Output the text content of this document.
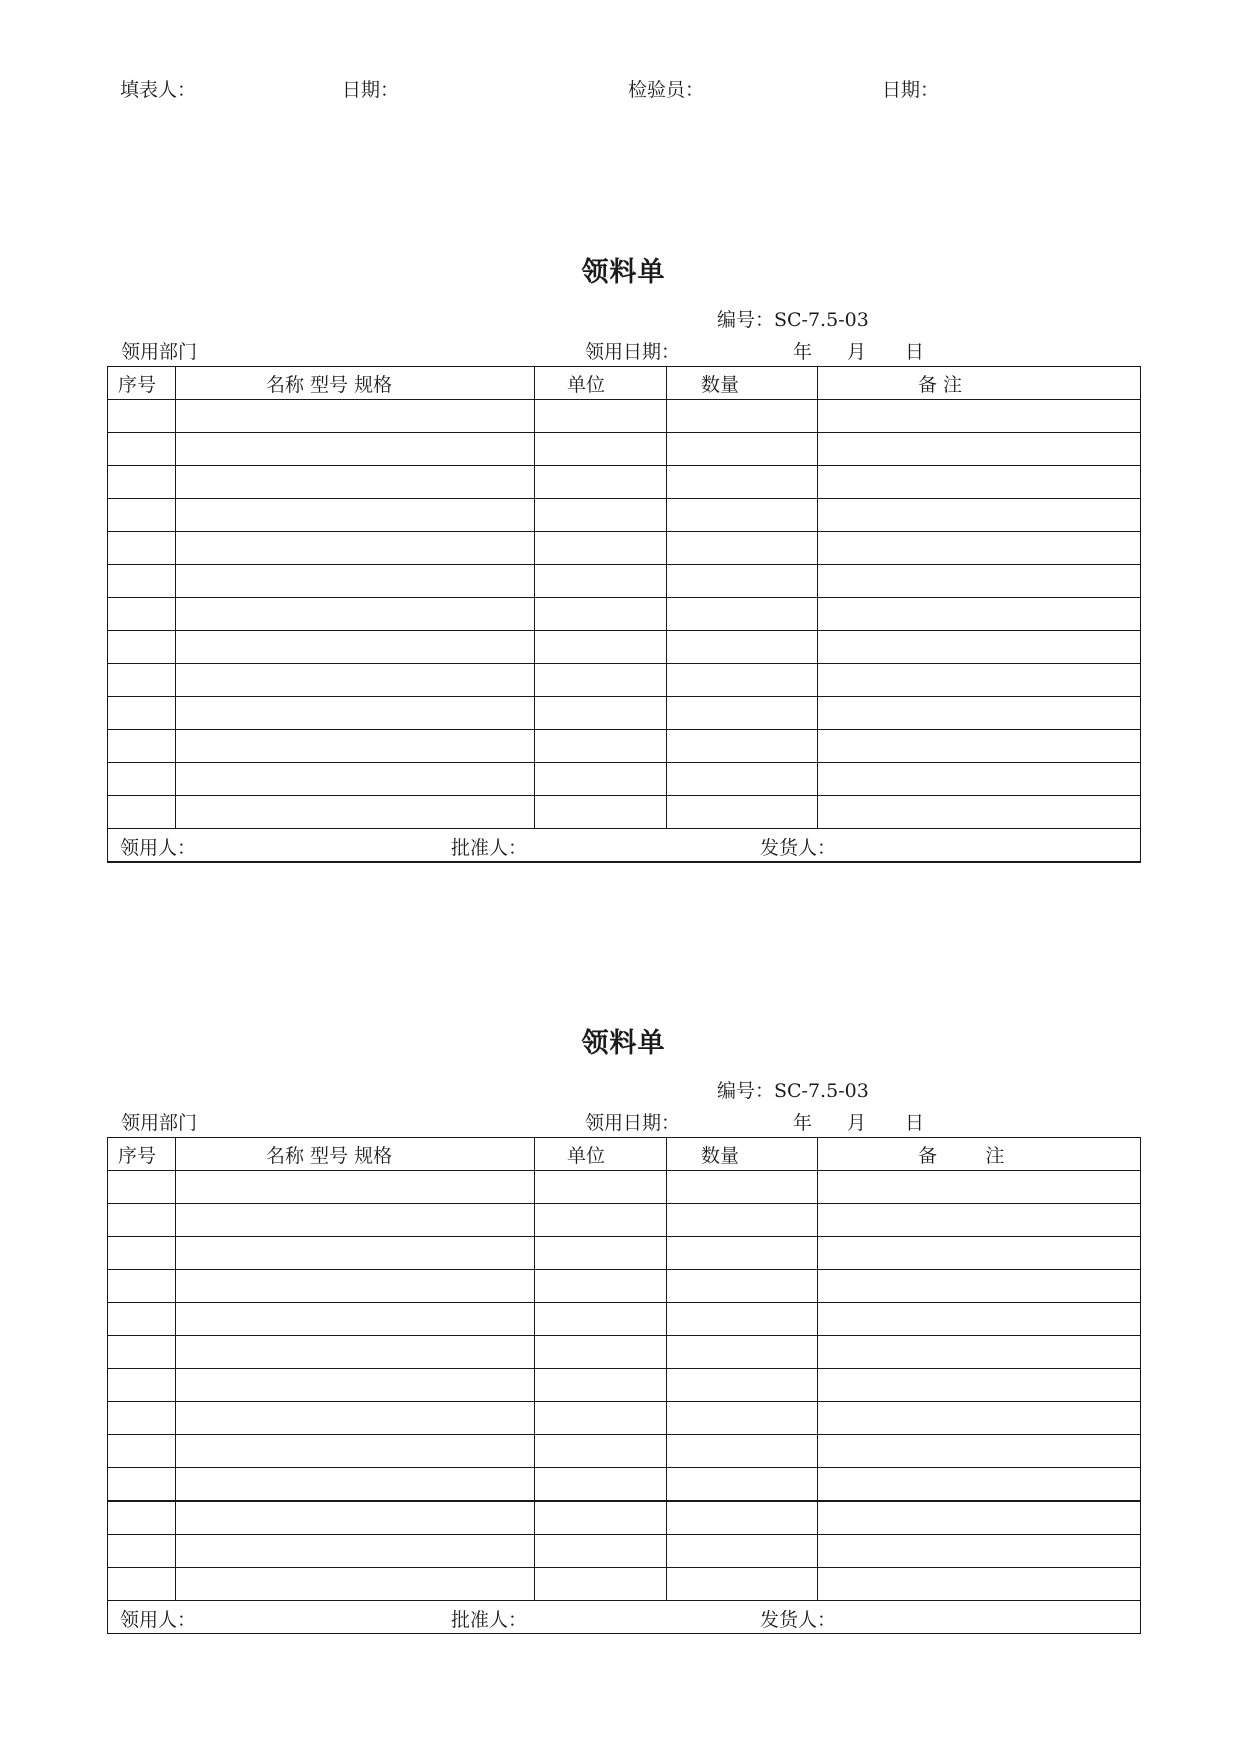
填表人：	日期：	检验员：	日期：
领料单
编号：SC-7.5-03
领用部门	领用日期：	年 月 日
序号	名称 型号 规格	单位	数量	备 注

领用人： 批准人： 发货人：				
领料单
编号：SC-7.5-03
领用部门	领用日期：	年 月 日
序号	名称 型号 规格	单位	数量	备        注

领用人： 批准人： 发货人：				
